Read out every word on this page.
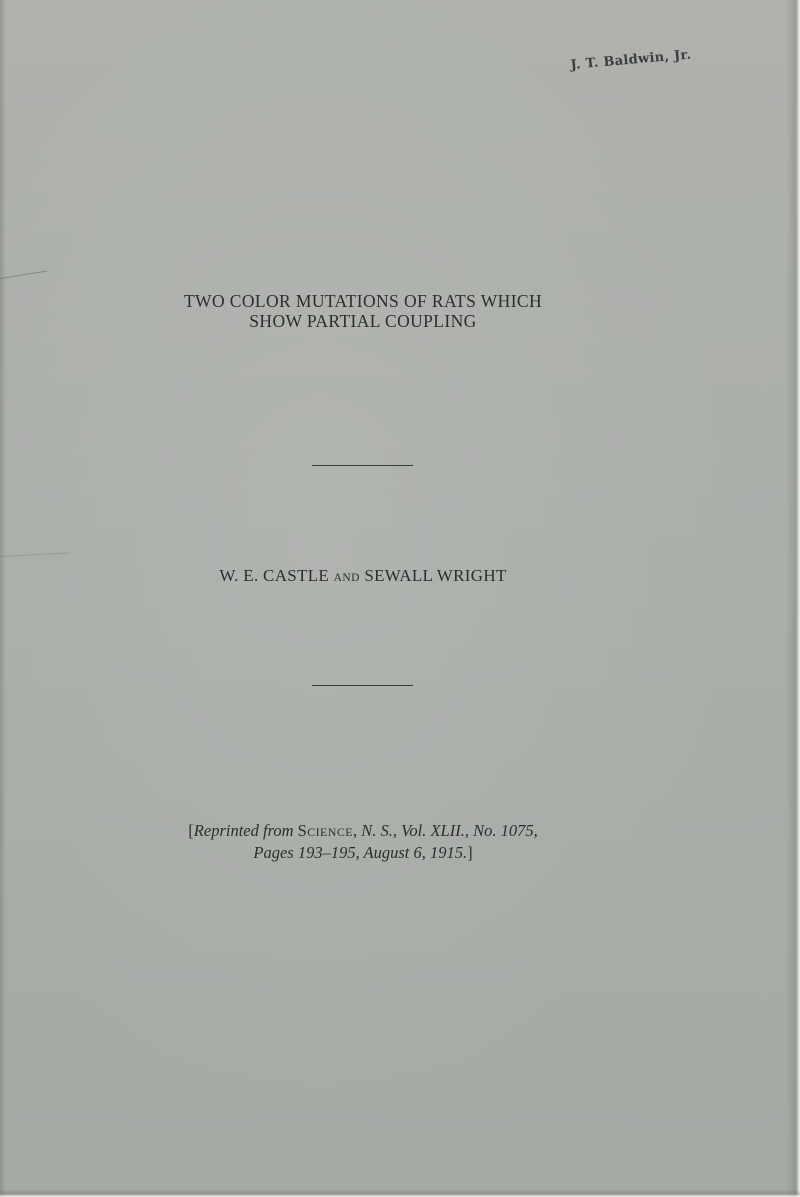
J. T. Baldwin, Jr.
TWO COLOR MUTATIONS OF RATS WHICH
SHOW PARTIAL COUPLING
W. E. CASTLE AND SEWALL WRIGHT
[Reprinted from Science, N. S., Vol. XLII., No. 1075,
Pages 193–195, August 6, 1915.]
